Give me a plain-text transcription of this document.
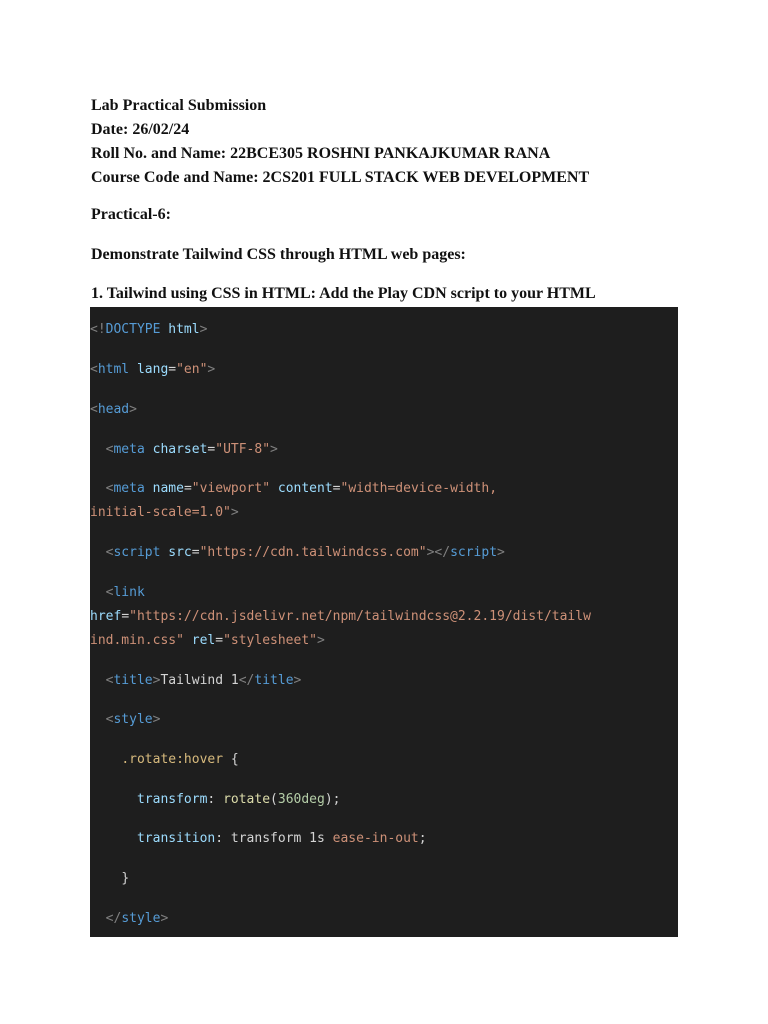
Lab Practical Submission
Date: 26/02/24
Roll No. and Name: 22BCE305 ROSHNI PANKAJKUMAR RANA
Course Code and Name: 2CS201 FULL STACK WEB DEVELOPMENT
Practical-6:
Demonstrate Tailwind CSS through HTML web pages:
1. Tailwind using CSS in HTML: Add the Play CDN script to your HTML
<!DOCTYPE html>
<html lang="en">
<head>
<meta charset="UTF-8">
<meta name="viewport" content="width=device-width,
initial-scale=1.0">
<script src="https://cdn.tailwindcss.com"></script>
<link
href="https://cdn.jsdelivr.net/npm/tailwindcss@2.2.19/dist/tailw
ind.min.css" rel="stylesheet">
<title>Tailwind 1</title>
<style>
.rotate:hover {
transform: rotate(360deg);
transition: transform 1s ease-in-out;
}
</style>
